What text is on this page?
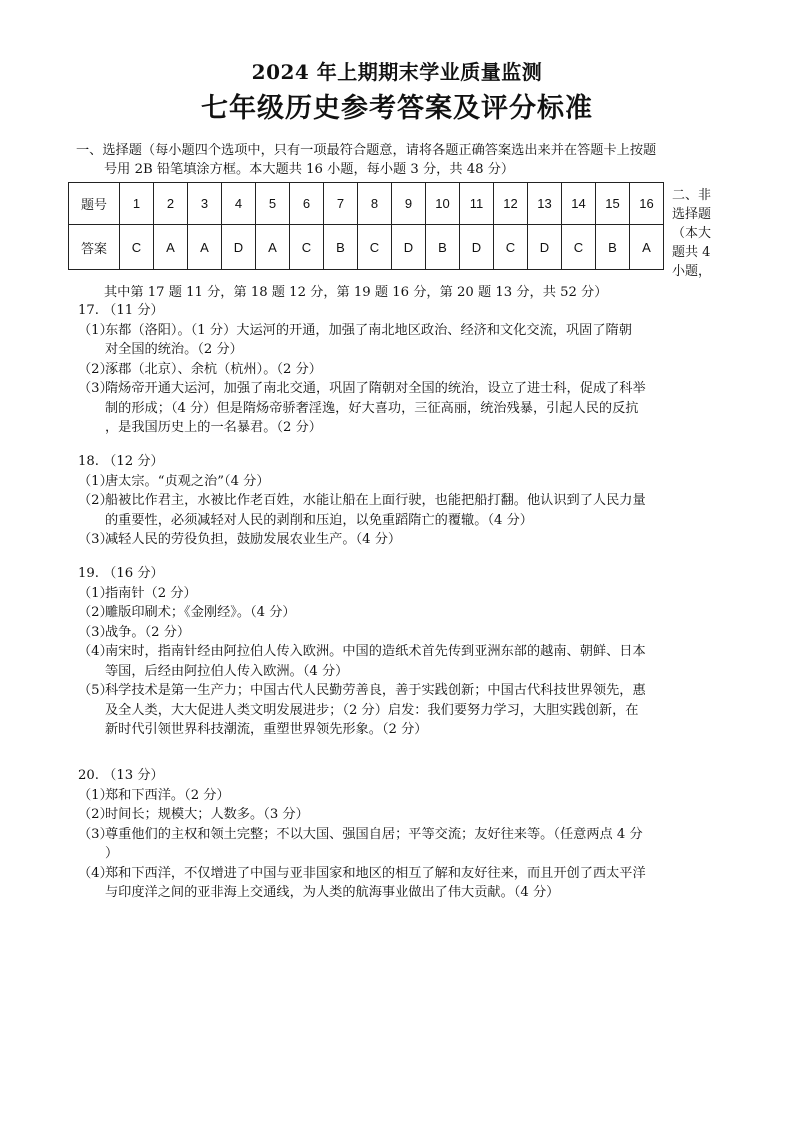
2024 年上期期末学业质量监测
七年级历史参考答案及评分标准
一、选择题（每小题四个选项中，只有一项最符合题意，请将各题正确答案选出来并在答题卡上按题
号用 2B 铅笔填涂方框。本大题共 16 小题，每小题 3 分，共 48 分）
题号	1	2	3	4	5	6	7	8	9	10	11	12	13	14	15	16
答案	C	A	A	D	A	C	B	C	D	B	D	C	D	C	B	A
二、非
选择题
（本大
题共 4
小题，
其中第 17 题 11 分，第 18 题 12 分，第 19 题 16 分，第 20 题 13 分，共 52 分）
17. （11 分）
（1）
东都（洛阳）。（1 分）大运河的开通，加强了南北地区政治、经济和文化交流，巩固了隋朝
对全国的统治。（2 分）
（2）
涿郡（北京）、余杭（杭州）。（2 分）
（3）
隋炀帝开通大运河，加强了南北交通，巩固了隋朝对全国的统治，设立了进士科，促成了科举
制的形成；（4 分）但是隋炀帝骄奢淫逸，好大喜功，三征高丽，统治残暴，引起人民的反抗
，是我国历史上的一名暴君。（2 分）
18. （12 分）
（1）
唐太宗。“贞观之治”（4 分）
（2）
船被比作君主，水被比作老百姓，水能让船在上面行驶，也能把船打翻。他认识到了人民力量
的重要性，必须减轻对人民的剥削和压迫，以免重蹈隋亡的覆辙。（4 分）
（3）
减轻人民的劳役负担，鼓励发展农业生产。（4 分）
19. （16 分）
（1）
指南针（2 分）
（2）
雕版印刷术；《金刚经》。（4 分）
（3）
战争。（2 分）
（4）
南宋时，指南针经由阿拉伯人传入欧洲。中国的造纸术首先传到亚洲东部的越南、朝鲜、日本
等国，后经由阿拉伯人传入欧洲。（4 分）
（5）
科学技术是第一生产力；中国古代人民勤劳善良，善于实践创新；中国古代科技世界领先，惠
及全人类，大大促进人类文明发展进步；（2 分）启发：我们要努力学习，大胆实践创新，在
新时代引领世界科技潮流，重塑世界领先形象。（2 分）
20. （13 分）
（1）
郑和下西洋。（2 分）
（2）
时间长；规模大；人数多。（3 分）
（3）
尊重他们的主权和领土完整；不以大国、强国自居；平等交流；友好往来等。（任意两点 4 分
）
（4）
郑和下西洋，不仅增进了中国与亚非国家和地区的相互了解和友好往来，而且开创了西太平洋
与印度洋之间的亚非海上交通线，为人类的航海事业做出了伟大贡献。（4 分）
